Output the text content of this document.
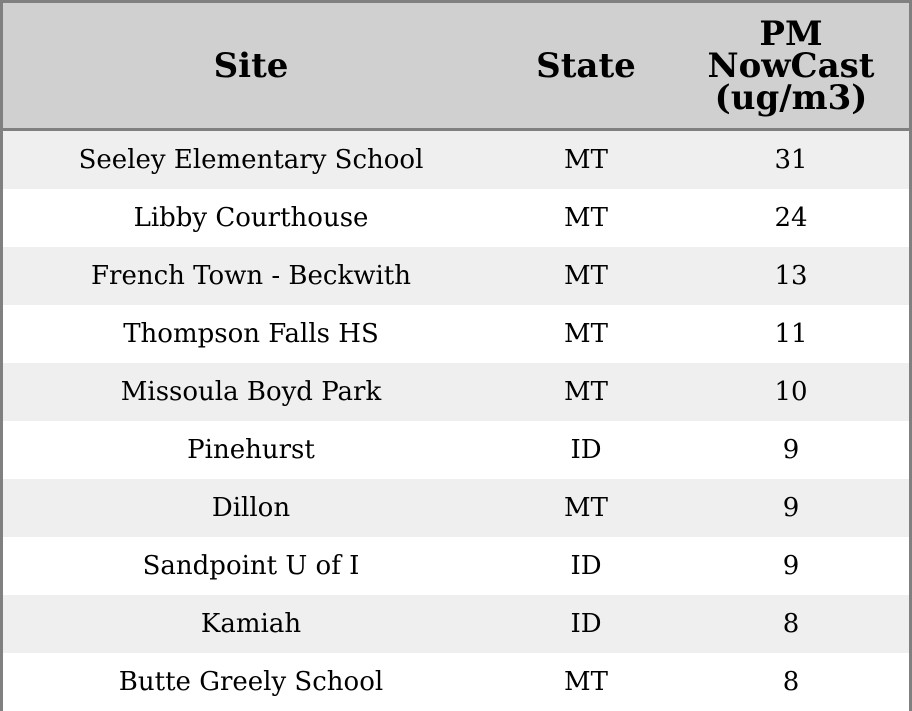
Site	State	PM
NowCast
(ug/m3)
Seeley Elementary School	MT	31
Libby Courthouse	MT	24
French Town - Beckwith	MT	13
Thompson Falls HS	MT	11
Missoula Boyd Park	MT	10
Pinehurst	ID	9
Dillon	MT	9
Sandpoint U of I	ID	9
Kamiah	ID	8
Butte Greely School	MT	8
